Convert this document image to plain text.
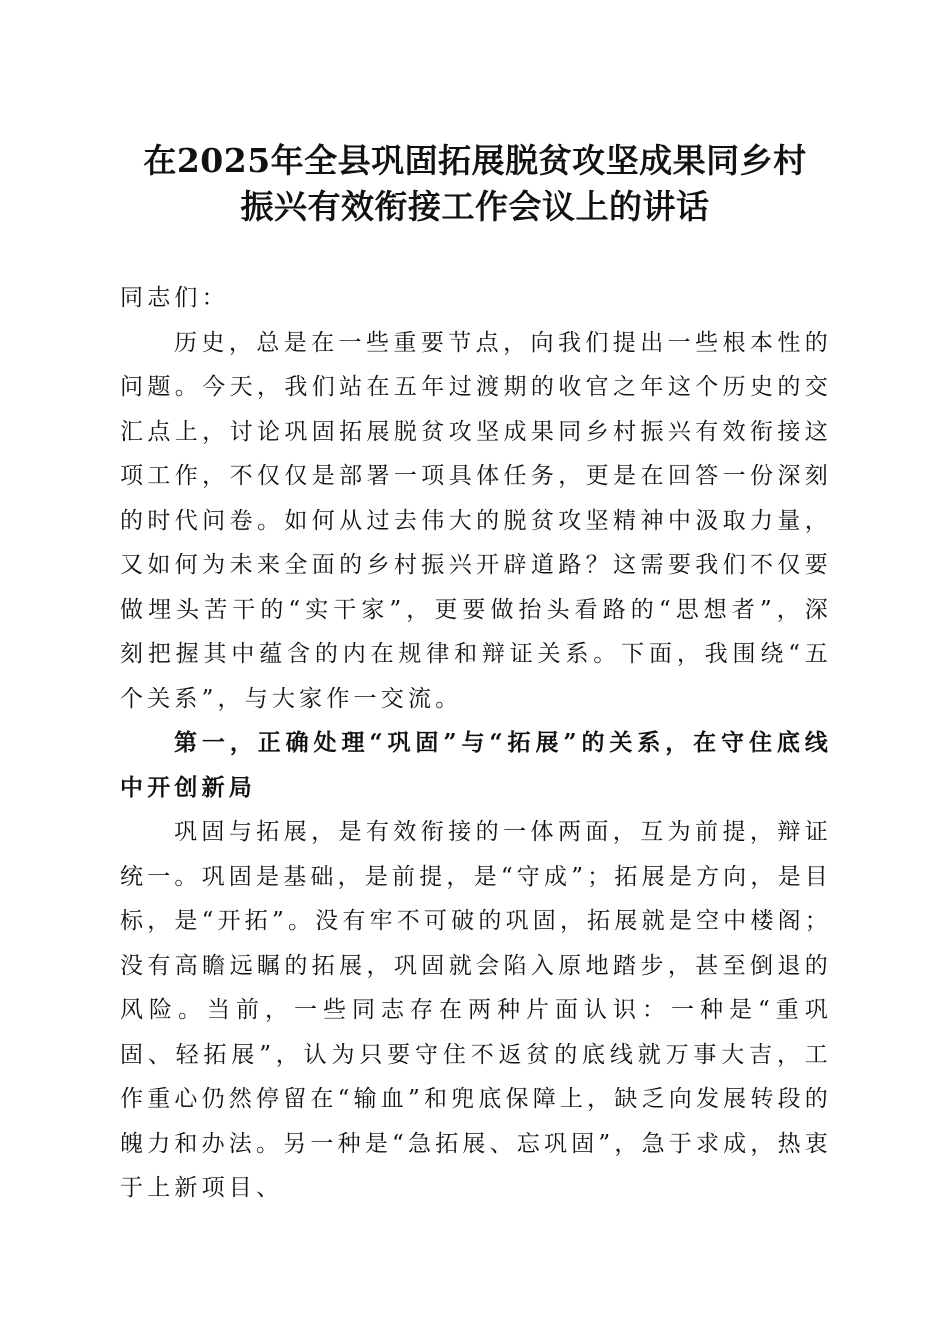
在2025年全县巩固拓展脱贫攻坚成果同乡村
振兴有效衔接工作会议上的讲话

同志们：

历史，总是在一些重要节点，向我们提出一些根本性的问题。今天，我们站在五年过渡期的收官之年这个历史的交汇点上，讨论巩固拓展脱贫攻坚成果同乡村振兴有效衔接这项工作，不仅仅是部署一项具体任务，更是在回答一份深刻的时代问卷。如何从过去伟大的脱贫攻坚精神中汲取力量，又如何为未来全面的乡村振兴开辟道路？这需要我们不仅要做埋头苦干的“实干家”，更要做抬头看路的“思想者”，深刻把握其中蕴含的内在规律和辩证关系。下面，我围绕“五个关系”，与大家作一交流。

第一，正确处理“巩固”与“拓展”的关系，在守住底线中开创新局

巩固与拓展，是有效衔接的一体两面，互为前提，辩证统一。巩固是基础，是前提，是“守成”；拓展是方向，是目标，是“开拓”。没有牢不可破的巩固，拓展就是空中楼阁；没有高瞻远瞩的拓展，巩固就会陷入原地踏步，甚至倒退的风险。当前，一些同志存在两种片面认识：一种是“重巩固、轻拓展”，认为只要守住不返贫的底线就万事大吉，工作重心仍然停留在“输血”和兜底保障上，缺乏向发展转段的魄力和办法。另一种是“急拓展、忘巩固”，急于求成，热衷于上新项目、
